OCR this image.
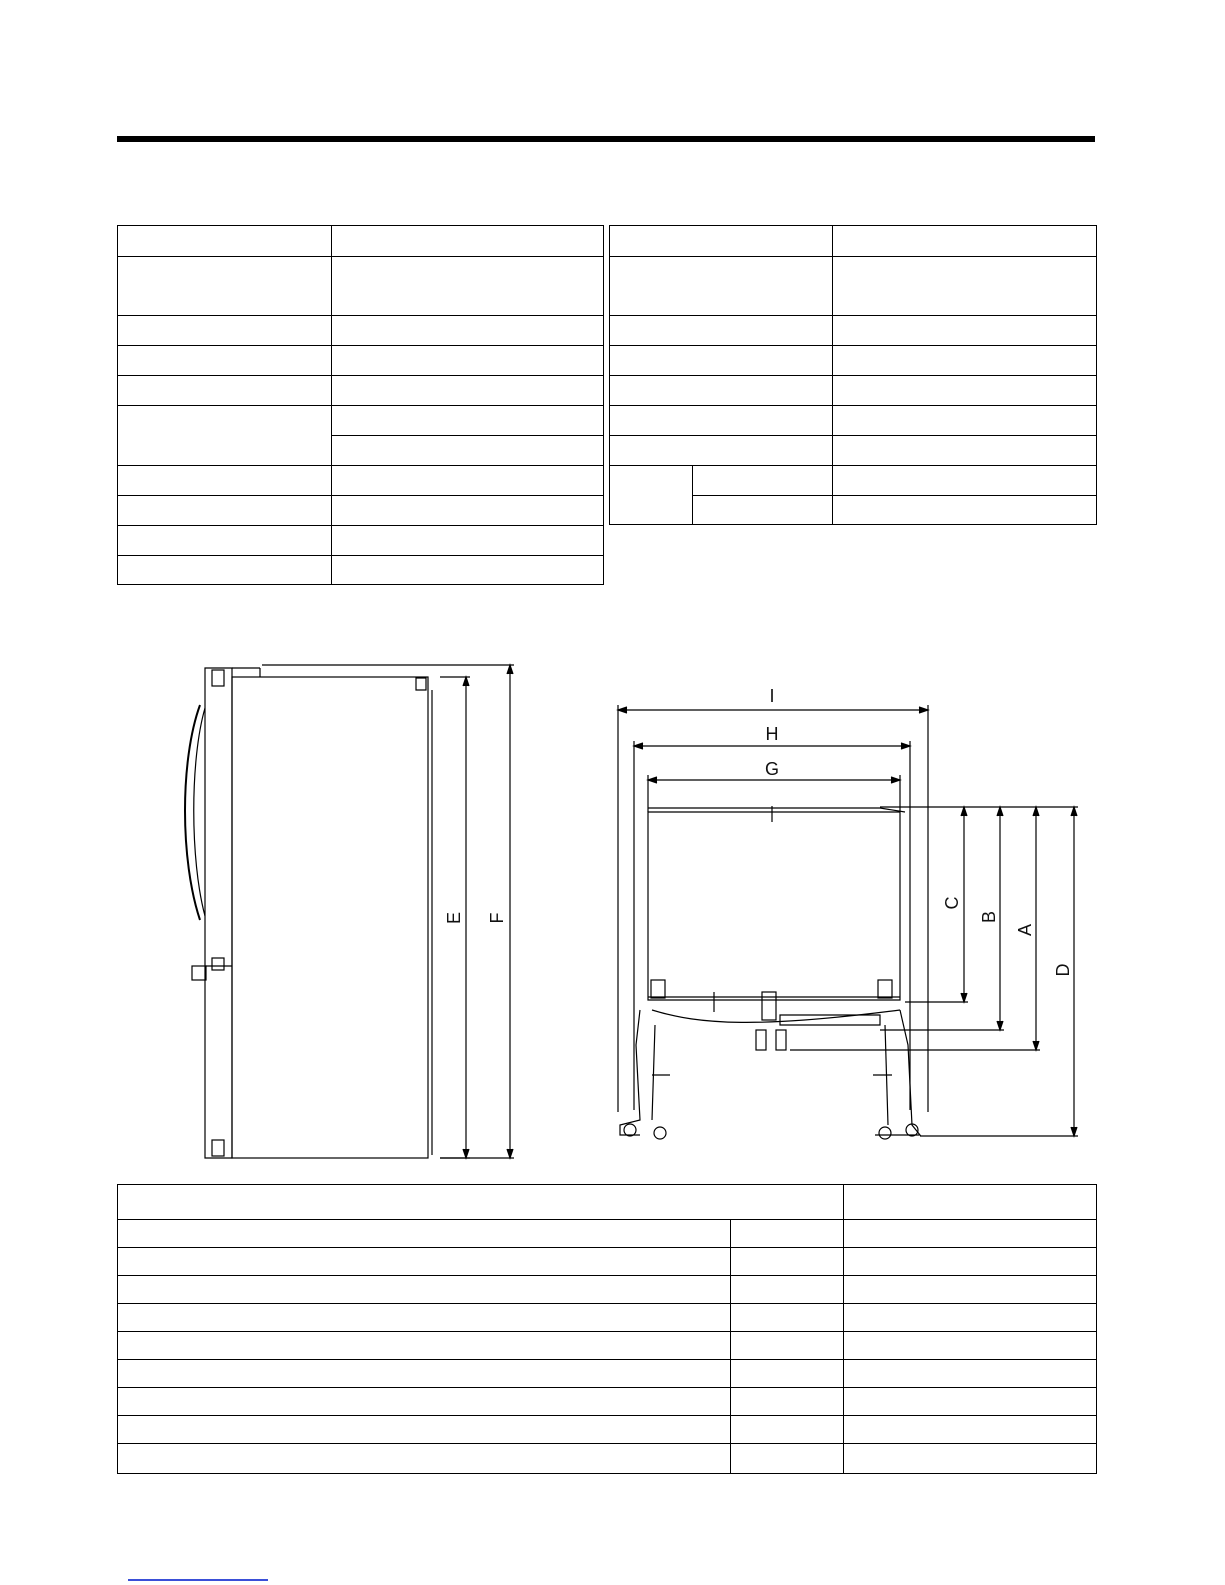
E F
I
H
G
C
B
A
D
